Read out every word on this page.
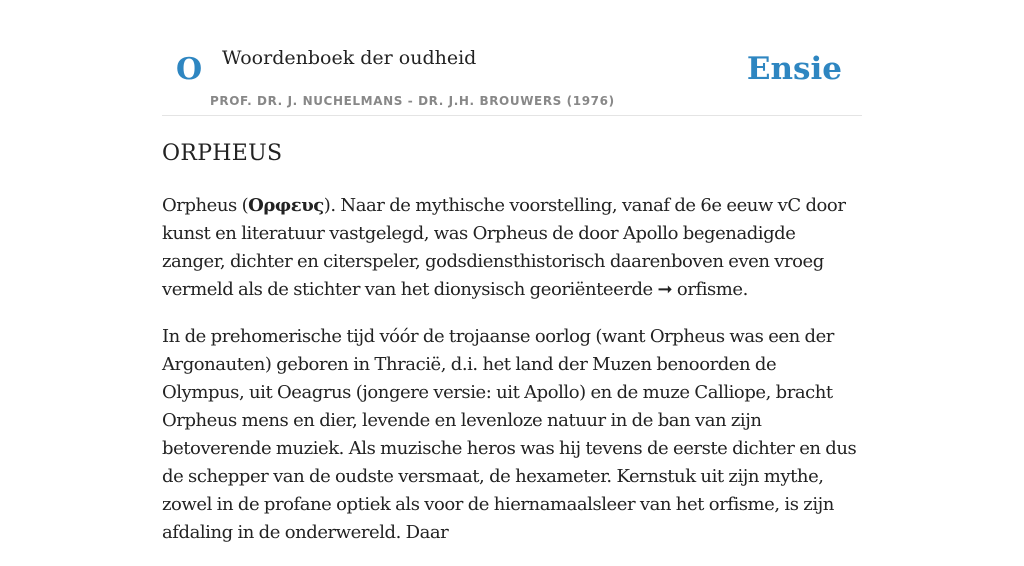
O Woordenboek der oudheid
PROF. DR. J. NUCHELMANS - DR. J.H. BROUWERS (1976)
Ensie
ORPHEUS

Orpheus (Ορφευς). Naar de mythische voorstelling, vanaf de 6e eeuw vC door kunst en literatuur vastgelegd, was Orpheus de door Apollo begenadigde zanger, dichter en citerspeler, godsdiensthistorisch daarenboven even vroeg vermeld als de stichter van het dionysisch georiënteerde ➞ orfisme.

In de prehomerische tijd vóór de trojaanse oorlog (want Orpheus was een der Argonauten) geboren in Thracië, d.i. het land der Muzen benoorden de Olympus, uit Oeagrus (jongere versie: uit Apollo) en de muze Calliope, bracht Orpheus mens en dier, levende en levenloze natuur in de ban van zijn betoverende muziek. Als muzische heros was hij tevens de eerste dichter en dus de schepper van de oudste versmaat, de hexameter. Kernstuk uit zijn mythe, zowel in de profane optiek als voor de hiernamaalsleer van het orfisme, is zijn afdaling in de onderwereld. Daar
